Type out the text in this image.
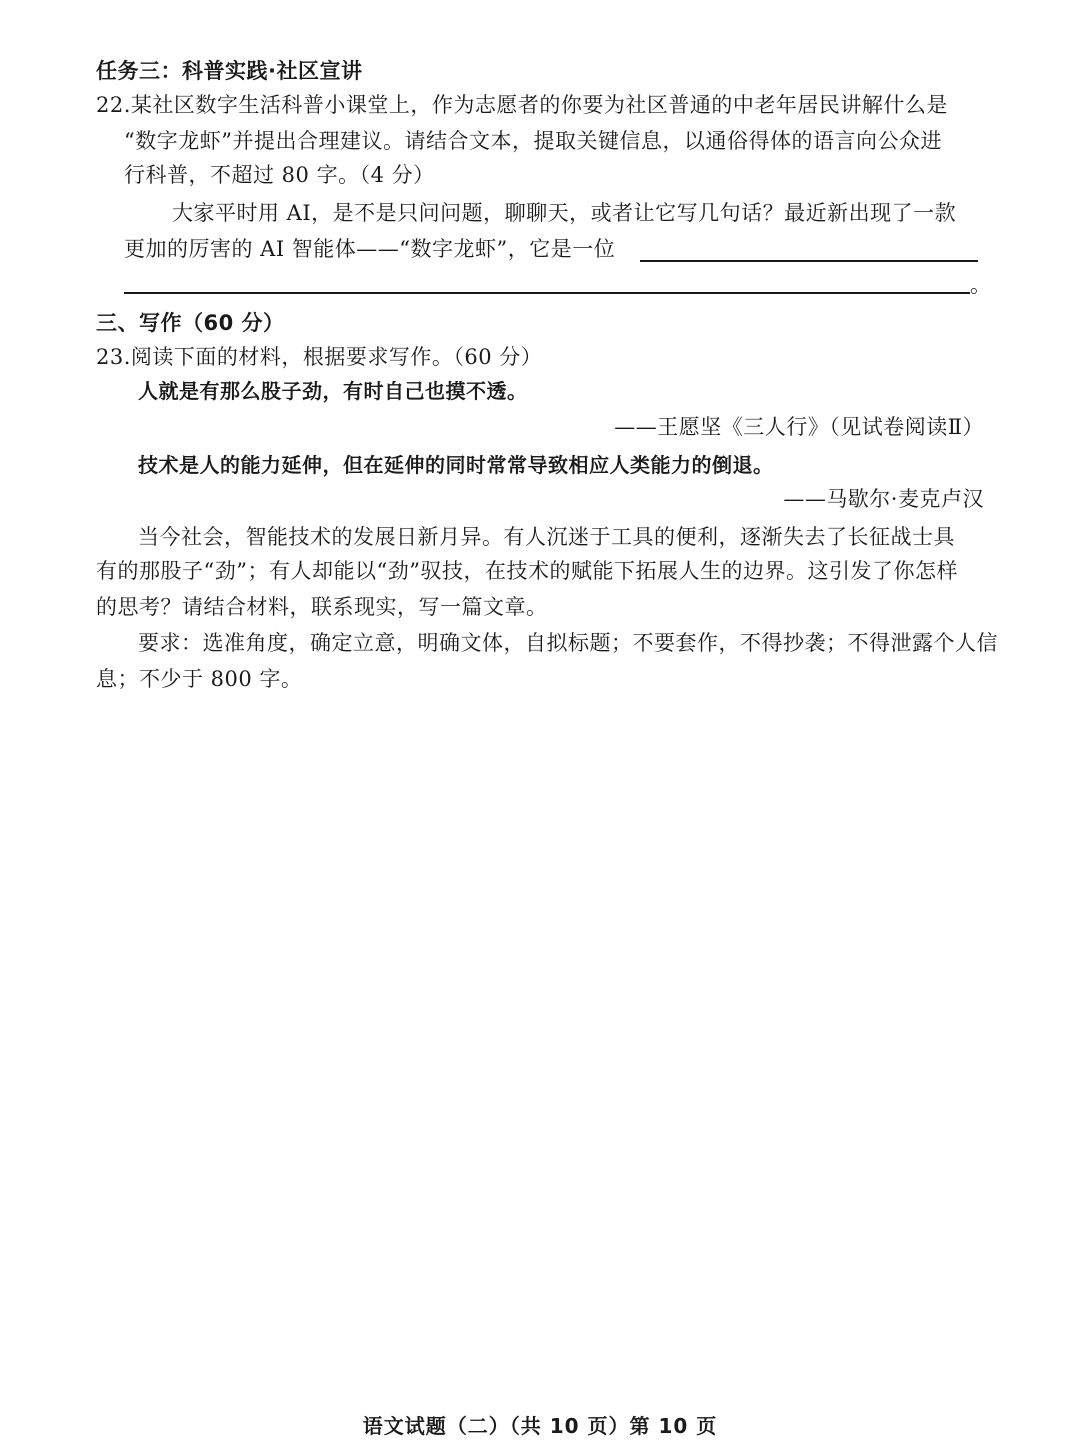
任务三：科普实践·社区宣讲
22.某社区数字生活科普小课堂上，作为志愿者的你要为社区普通的中老年居民讲解什么是
“数字龙虾”并提出合理建议。请结合文本，提取关键信息，以通俗得体的语言向公众进
行科普，不超过 80 字。（4 分）
大家平时用 AI，是不是只问问题，聊聊天，或者让它写几句话？最近新出现了一款
更加的厉害的 AI 智能体——“数字龙虾”，它是一位
。
三、写作（60 分）
23.阅读下面的材料，根据要求写作。（60 分）
人就是有那么股子劲，有时自己也摸不透。
——王愿坚《三人行》（见试卷阅读Ⅱ）
技术是人的能力延伸，但在延伸的同时常常导致相应人类能力的倒退。
——马歇尔·麦克卢汉
当今社会，智能技术的发展日新月异。有人沉迷于工具的便利，逐渐失去了长征战士具
有的那股子“劲”；有人却能以“劲”驭技，在技术的赋能下拓展人生的边界。这引发了你怎样
的思考？请结合材料，联系现实，写一篇文章。
要求：选准角度，确定立意，明确文体，自拟标题；不要套作，不得抄袭；不得泄露个人信
息；不少于 800 字。
语文试题（二）（共 10 页）第 10 页
